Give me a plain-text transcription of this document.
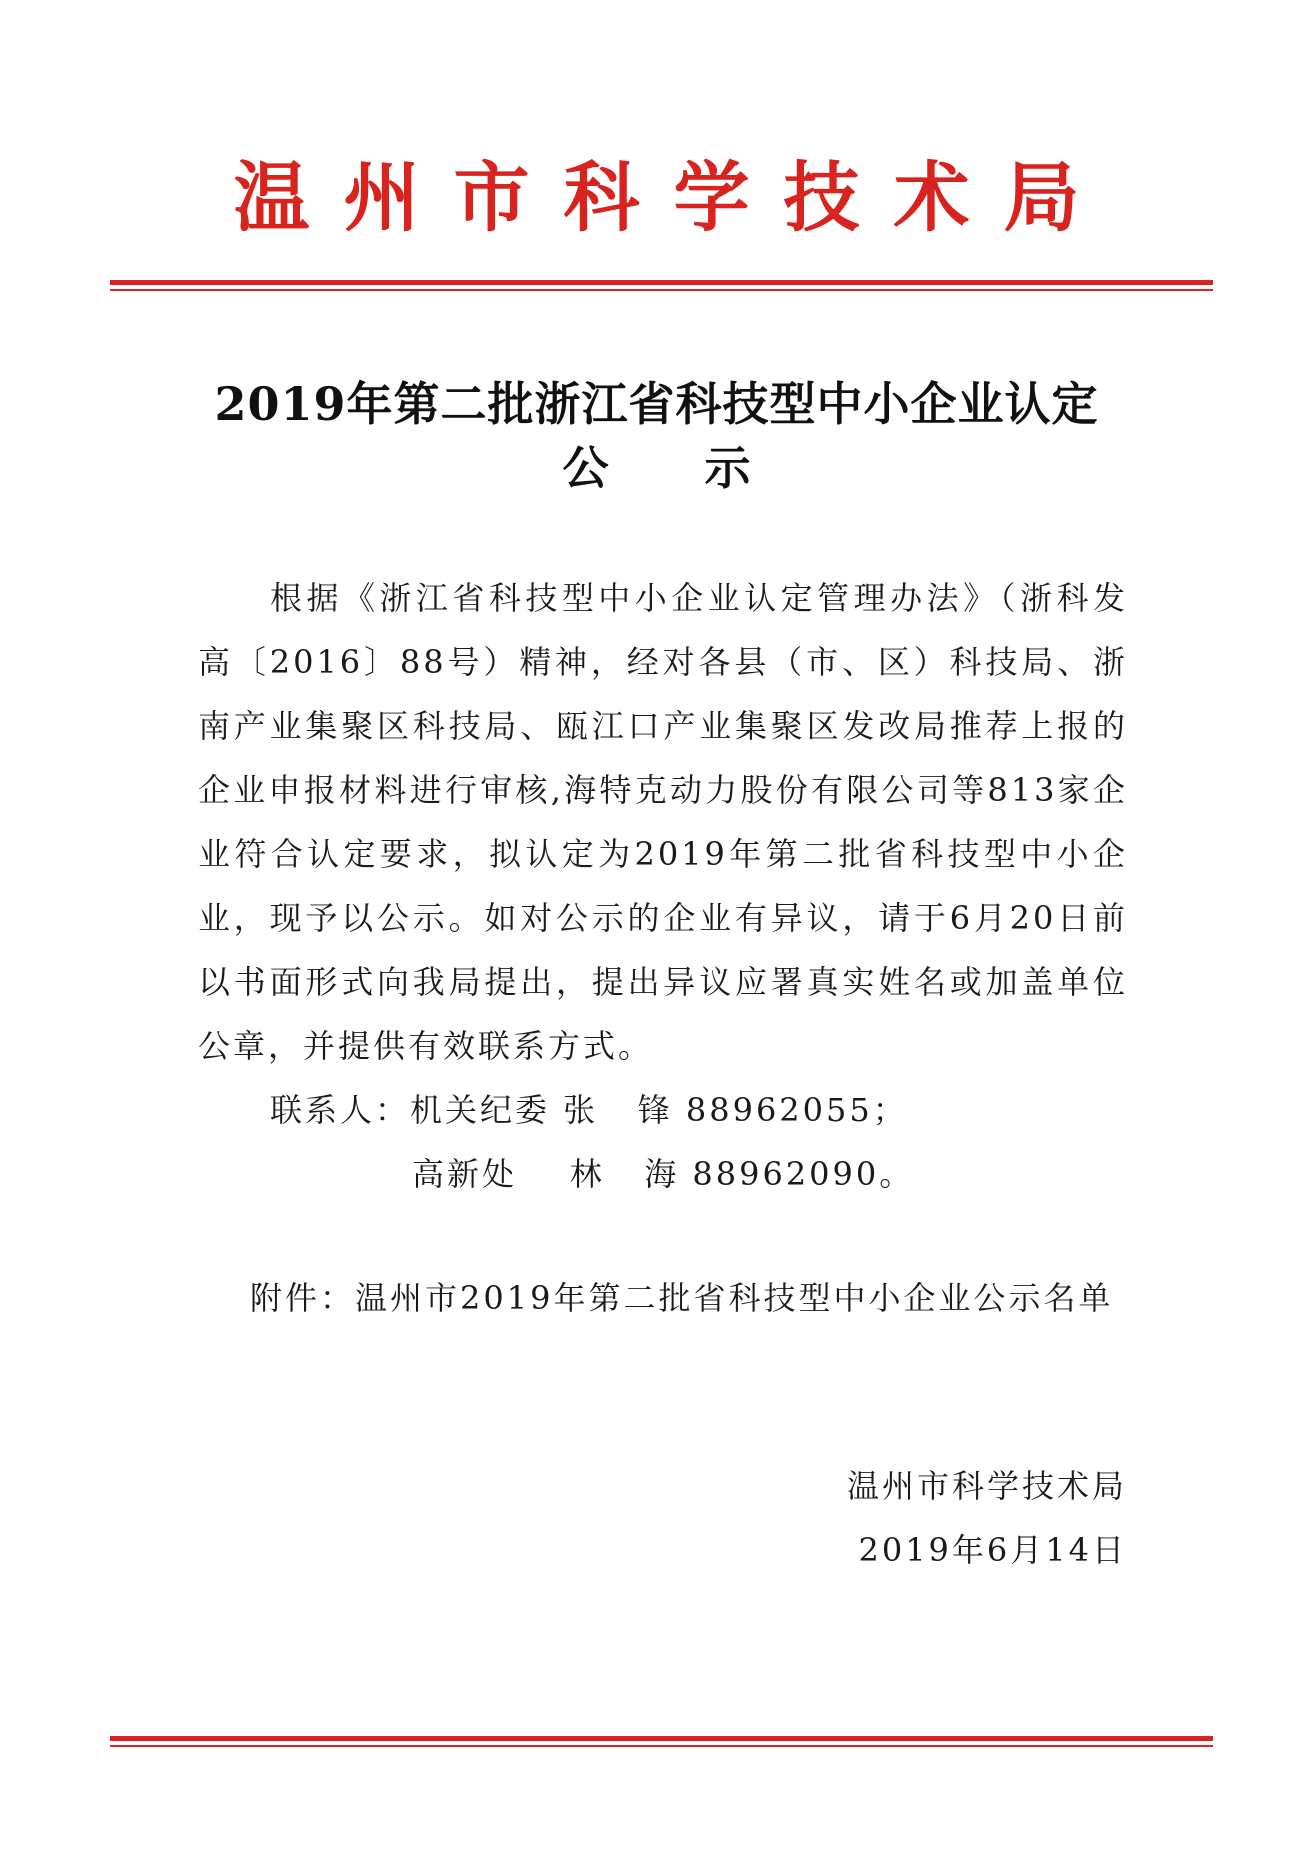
温州市科学技术局
2019年第二批浙江省科技型中小企业认定
公 示
根据《浙江省科技型中小企业认定管理办法》（浙科发高〔2016〕88号）精神，经对各县（市、区）科技局、浙南产业集聚区科技局、瓯江口产业集聚区发改局推荐上报的企业申报材料进行审核,海特克动力股份有限公司等813家企业符合认定要求，拟认定为2019年第二批省科技型中小企业，现予以公示。如对公示的企业有异议，请于6月20日前以书面形式向我局提出，提出异议应署真实姓名或加盖单位公章，并提供有效联系方式。
联系人：机关纪委 张   锋 88962055；
高新处    林   海 88962090。
附件：温州市2019年第二批省科技型中小企业公示名单
温州市科学技术局
2019年6月14日
